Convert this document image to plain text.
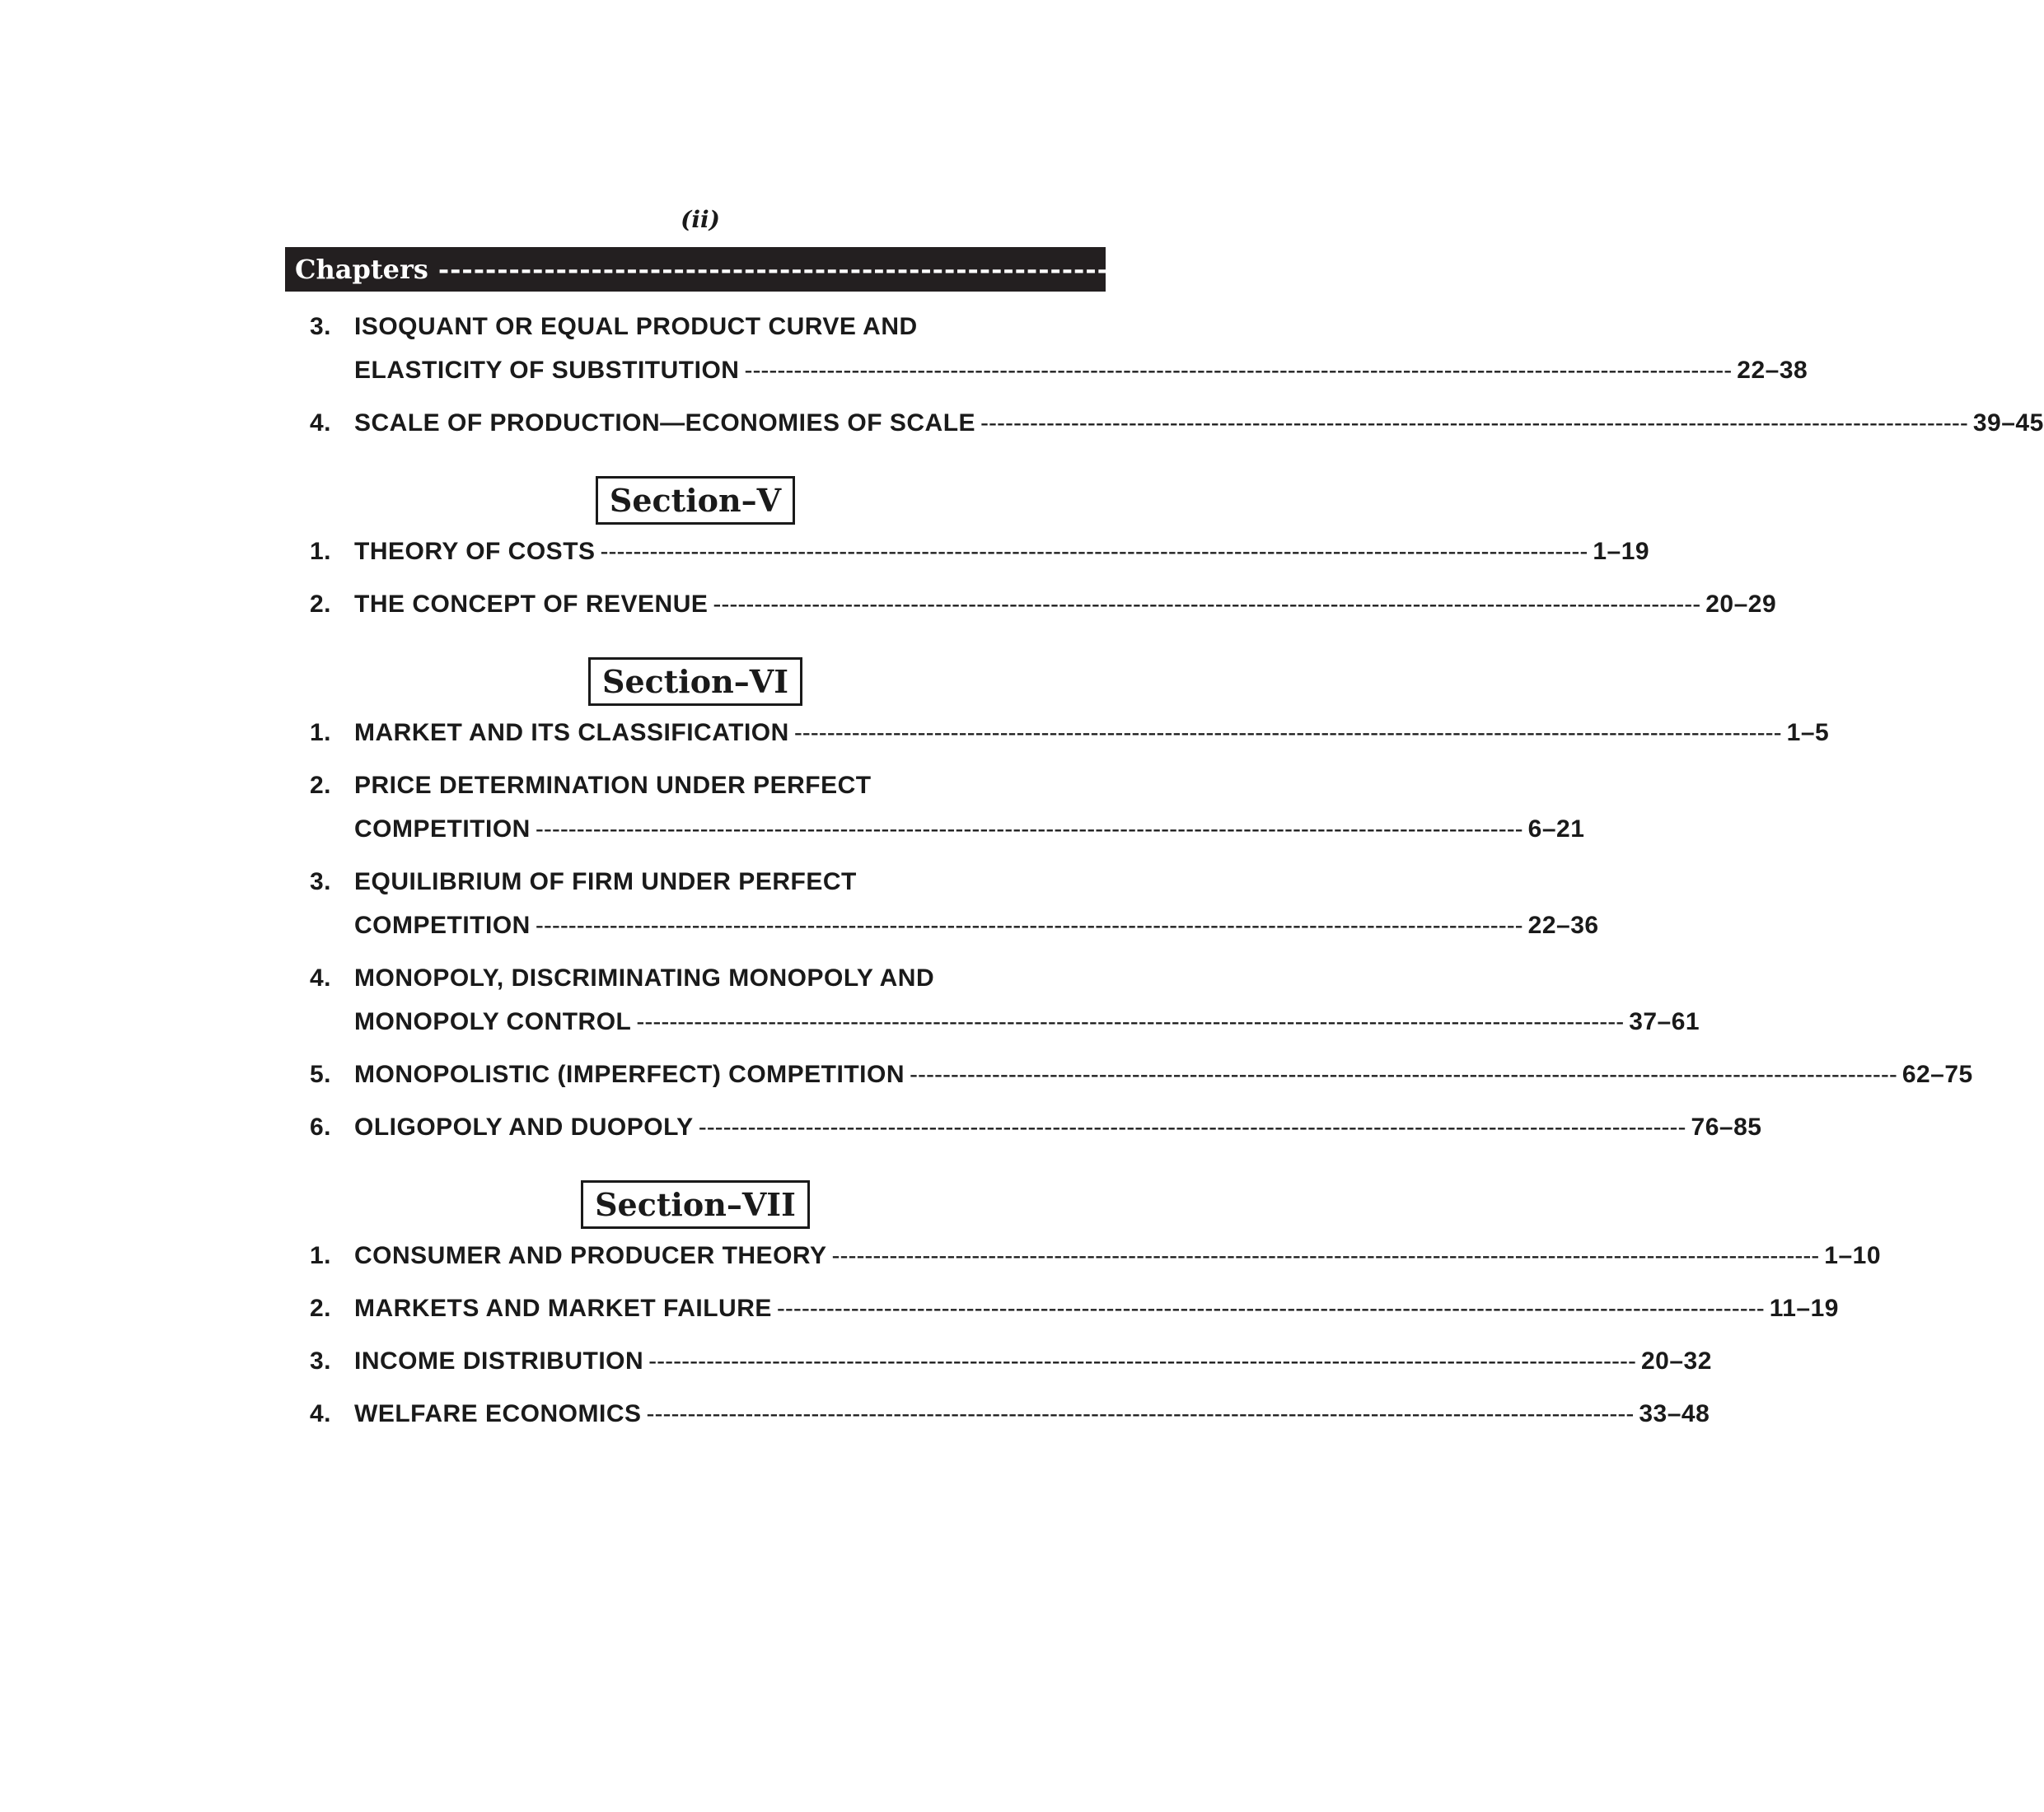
(ii)
Chapters ------------------------------------------------------------------------------------------------------------------------ Page No.
3. ISOQUANT OR EQUAL PRODUCT CURVE AND
ELASTICITY OF SUBSTITUTION ------------------------------------------------------------------------------------------------------------------------ 22–38
4. SCALE OF PRODUCTION—ECONOMIES OF SCALE ------------------------------------------------------------------------------------------------------------------------ 39–45
Section–V
1. THEORY OF COSTS ------------------------------------------------------------------------------------------------------------------------ 1–19
2. THE CONCEPT OF REVENUE ------------------------------------------------------------------------------------------------------------------------ 20–29
Section–VI
1. MARKET AND ITS CLASSIFICATION ------------------------------------------------------------------------------------------------------------------------ 1–5
2. PRICE DETERMINATION UNDER PERFECT
COMPETITION ------------------------------------------------------------------------------------------------------------------------ 6–21
3. EQUILIBRIUM OF FIRM UNDER PERFECT
COMPETITION ------------------------------------------------------------------------------------------------------------------------ 22–36
4. MONOPOLY, DISCRIMINATING MONOPOLY AND
MONOPOLY CONTROL ------------------------------------------------------------------------------------------------------------------------ 37–61
5. MONOPOLISTIC (IMPERFECT) COMPETITION ------------------------------------------------------------------------------------------------------------------------ 62–75
6. OLIGOPOLY AND DUOPOLY ------------------------------------------------------------------------------------------------------------------------ 76–85
Section–VII
1. CONSUMER AND PRODUCER THEORY ------------------------------------------------------------------------------------------------------------------------ 1–10
2. MARKETS AND MARKET FAILURE ------------------------------------------------------------------------------------------------------------------------ 11–19
3. INCOME DISTRIBUTION ------------------------------------------------------------------------------------------------------------------------ 20–32
4. WELFARE ECONOMICS ------------------------------------------------------------------------------------------------------------------------ 33–48
